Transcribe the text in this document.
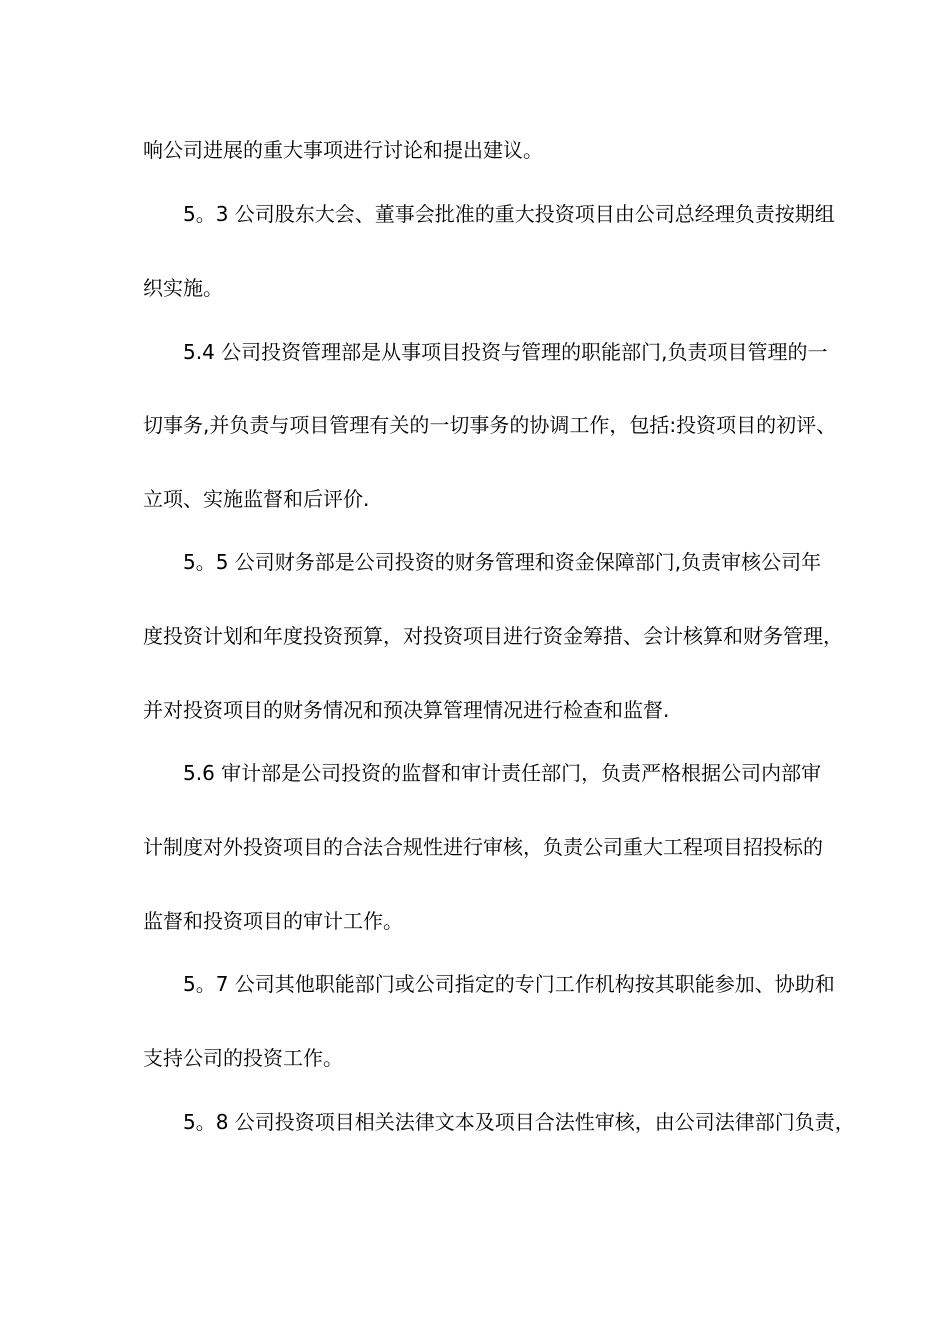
响公司进展的重大事项进行讨论和提出建议。
5。3 公司股东大会、董事会批准的重大投资项目由公司总经理负责按期组
织实施。
5.4 公司投资管理部是从事项目投资与管理的职能部门,负责项目管理的一
切事务,并负责与项目管理有关的一切事务的协调工作，包括:投资项目的初评、
立项、实施监督和后评价.
5。5 公司财务部是公司投资的财务管理和资金保障部门,负责审核公司年
度投资计划和年度投资预算，对投资项目进行资金筹措、会计核算和财务管理，
并对投资项目的财务情况和预决算管理情况进行检查和监督.
5.6 审计部是公司投资的监督和审计责任部门，负责严格根据公司内部审
计制度对外投资项目的合法合规性进行审核，负责公司重大工程项目招投标的
监督和投资项目的审计工作。
5。7 公司其他职能部门或公司指定的专门工作机构按其职能参加、协助和
支持公司的投资工作。
5。8 公司投资项目相关法律文本及项目合法性审核，由公司法律部门负责，
